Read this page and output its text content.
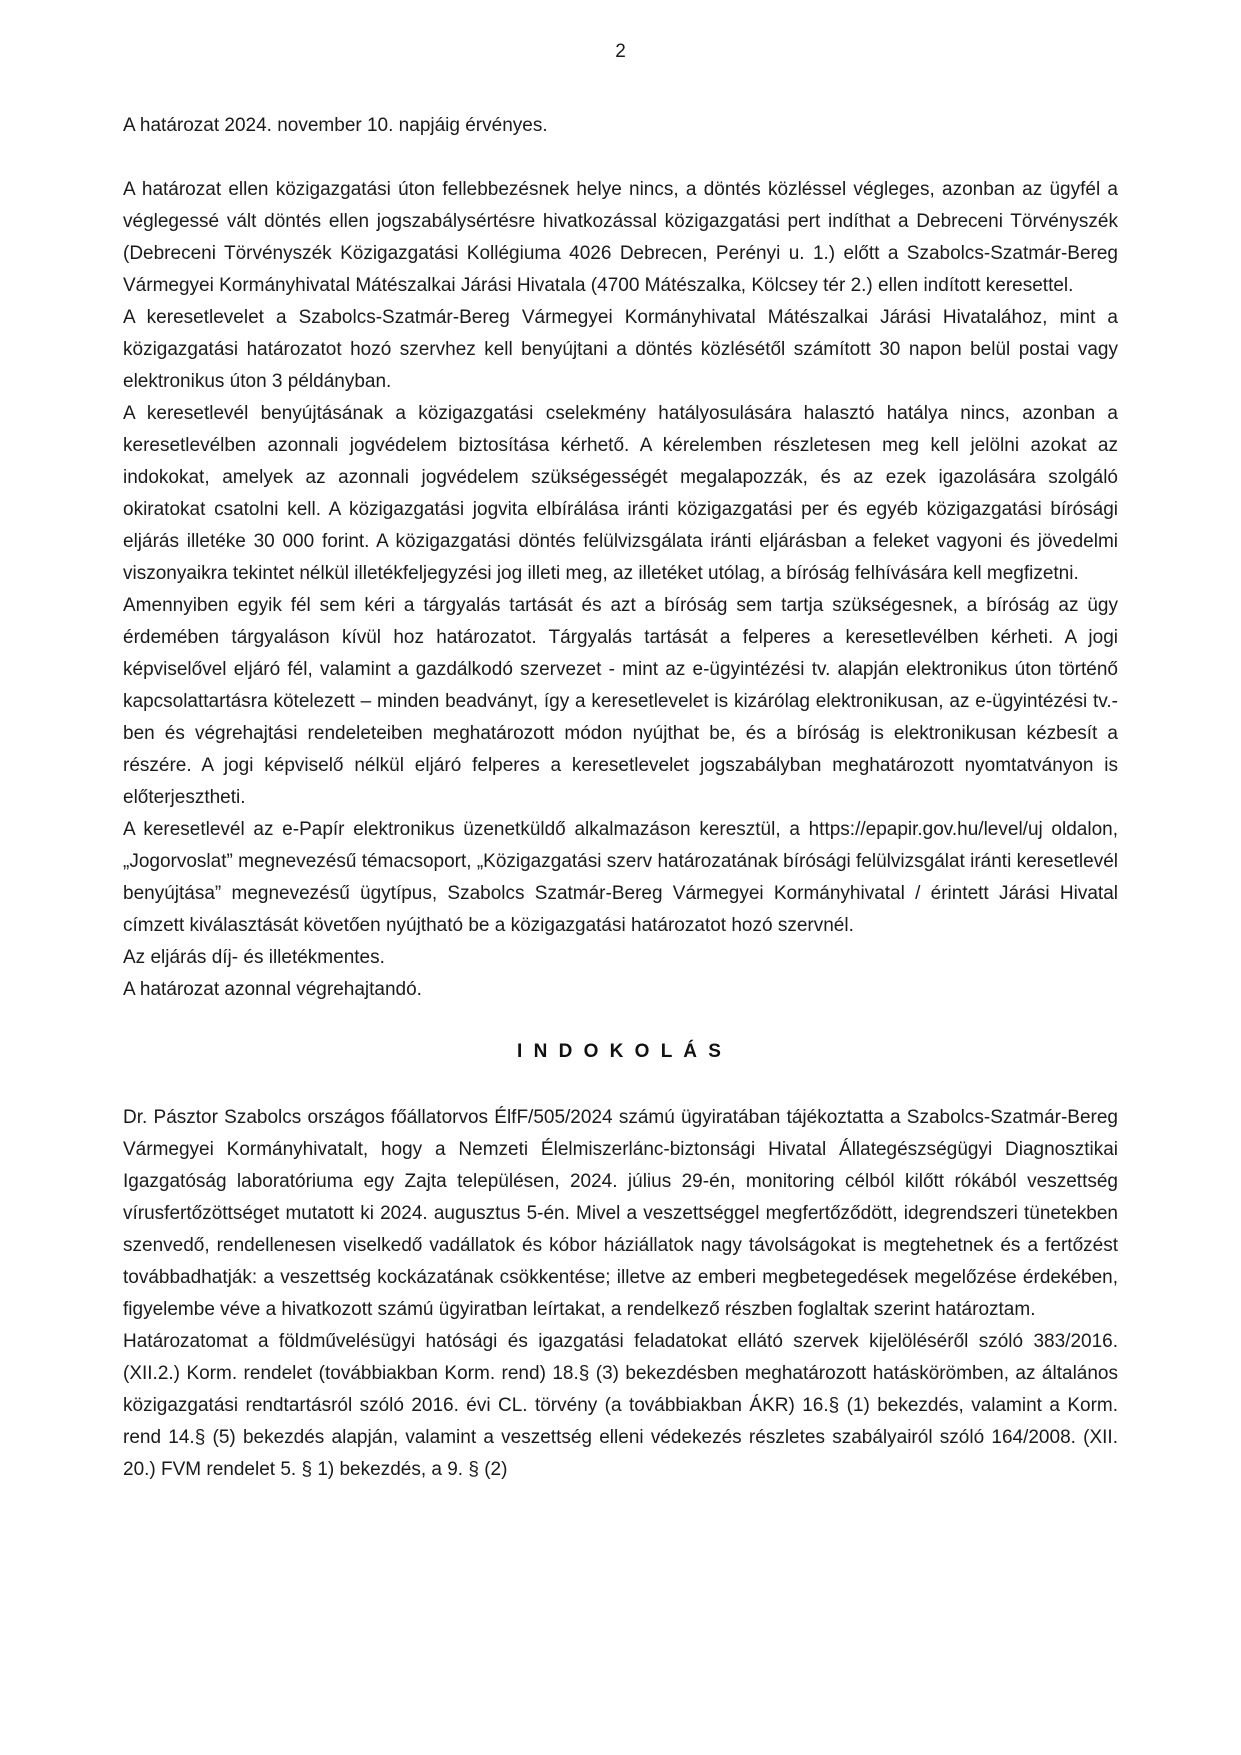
2

A határozat 2024. november 10. napjáig érvényes.

A határozat ellen közigazgatási úton fellebbezésnek helye nincs, a döntés közléssel végleges, azonban az ügyfél a véglegessé vált döntés ellen jogszabálysértésre hivatkozással közigazgatási pert indíthat a Debreceni Törvényszék (Debreceni Törvényszék Közigazgatási Kollégiuma 4026 Debrecen, Perényi u. 1.) előtt a Szabolcs-Szatmár-Bereg Vármegyei Kormányhivatal Mátészalkai Járási Hivatala (4700 Mátészalka, Kölcsey tér 2.) ellen indított keresettel.

A keresetlevelet a Szabolcs-Szatmár-Bereg Vármegyei Kormányhivatal Mátészalkai Járási Hivatalához, mint a közigazgatási határozatot hozó szervhez kell benyújtani a döntés közlésétől számított 30 napon belül postai vagy elektronikus úton 3 példányban.

A keresetlevél benyújtásának a közigazgatási cselekmény hatályosulására halasztó hatálya nincs, azonban a keresetlevélben azonnali jogvédelem biztosítása kérhető. A kérelemben részletesen meg kell jelölni azokat az indokokat, amelyek az azonnali jogvédelem szükségességét megalapozzák, és az ezek igazolására szolgáló okiratokat csatolni kell. A közigazgatási jogvita elbírálása iránti közigazgatási per és egyéb közigazgatási bírósági eljárás illetéke 30 000 forint. A közigazgatási döntés felülvizsgálata iránti eljárásban a feleket vagyoni és jövedelmi viszonyaikra tekintet nélkül illetékfeljegyzési jog illeti meg, az illetéket utólag, a bíróság felhívására kell megfizetni.

Amennyiben egyik fél sem kéri a tárgyalás tartását és azt a bíróság sem tartja szükségesnek, a bíróság az ügy érdemében tárgyaláson kívül hoz határozatot. Tárgyalás tartását a felperes a keresetlevélben kérheti. A jogi képviselővel eljáró fél, valamint a gazdálkodó szervezet - mint az e-ügyintézési tv. alapján elektronikus úton történő kapcsolattartásra kötelezett – minden beadványt, így a keresetlevelet is kizárólag elektronikusan, az e-ügyintézési tv.-ben és végrehajtási rendeleteiben meghatározott módon nyújthat be, és a bíróság is elektronikusan kézbesít a részére. A jogi képviselő nélkül eljáró felperes a keresetlevelet jogszabályban meghatározott nyomtatványon is előterjesztheti.

A keresetlevél az e-Papír elektronikus üzenetküldő alkalmazáson keresztül, a https://epapir.gov.hu/level/uj oldalon, „Jogorvoslat” megnevezésű témacsoport, „Közigazgatási szerv határozatának bírósági felülvizsgálat iránti keresetlevél benyújtása” megnevezésű ügytípus, Szabolcs Szatmár-Bereg Vármegyei Kormányhivatal / érintett Járási Hivatal címzett kiválasztását követően nyújtható be a közigazgatási határozatot hozó szervnél.

Az eljárás díj- és illetékmentes.

A határozat azonnal végrehajtandó.

I N D O K O L Á S

Dr. Pásztor Szabolcs országos főállatorvos ÉlfF/505/2024 számú ügyiratában tájékoztatta a Szabolcs-Szatmár-Bereg Vármegyei Kormányhivatalt, hogy a Nemzeti Élelmiszerlánc-biztonsági Hivatal Állategészségügyi Diagnosztikai Igazgatóság laboratóriuma egy Zajta településen, 2024. július 29-én, monitoring célból kilőtt rókából veszettség vírusfertőzöttséget mutatott ki 2024. augusztus 5-én. Mivel a veszettséggel megfertőződött, idegrendszeri tünetekben szenvedő, rendellenesen viselkedő vadállatok és kóbor háziállatok nagy távolságokat is megtehetnek és a fertőzést továbbadhatják: a veszettség kockázatának csökkentése; illetve az emberi megbetegedések megelőzése érdekében, figyelembe véve a hivatkozott számú ügyiratban leírtakat, a rendelkező részben foglaltak szerint határoztam.

Határozatomat a földművelésügyi hatósági és igazgatási feladatokat ellátó szervek kijelöléséről szóló 383/2016.(XII.2.) Korm. rendelet (továbbiakban Korm. rend) 18.§ (3) bekezdésben meghatározott hatáskörömben, az általános közigazgatási rendtartásról szóló 2016. évi CL. törvény (a továbbiakban ÁKR) 16.§ (1) bekezdés, valamint a Korm. rend 14.§ (5) bekezdés alapján, valamint a veszettség elleni védekezés részletes szabályairól szóló 164/2008. (XII. 20.) FVM rendelet 5. § 1) bekezdés, a 9. § (2)
